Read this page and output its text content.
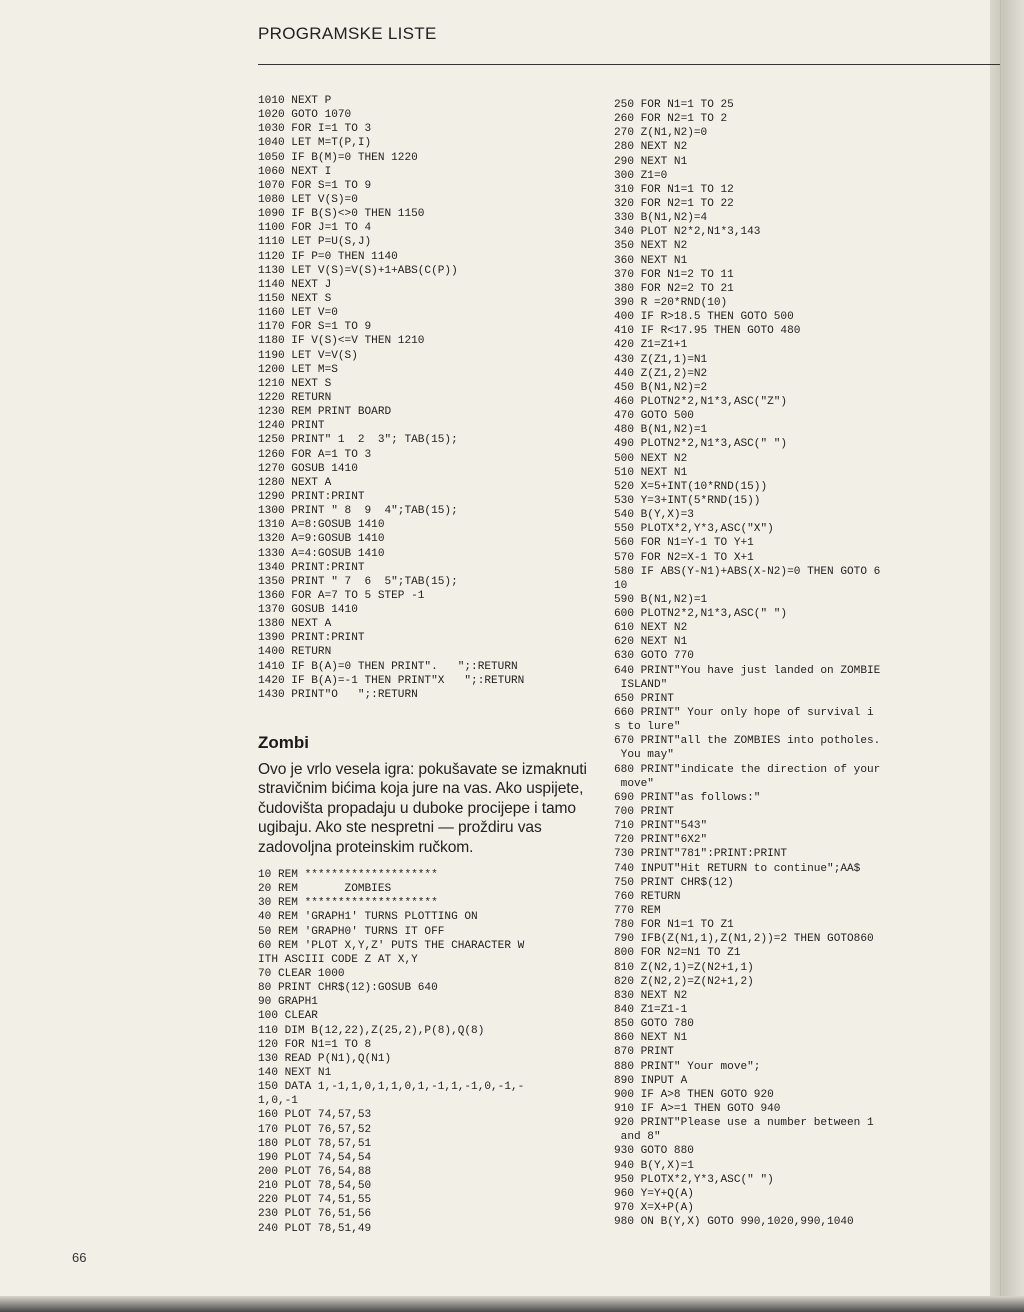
PROGRAMSKE LISTE
1010 NEXT P
1020 GOTO 1070
1030 FOR I=1 TO 3
1040 LET M=T(P,I)
1050 IF B(M)=0 THEN 1220
1060 NEXT I
1070 FOR S=1 TO 9
1080 LET V(S)=0
1090 IF B(S)<>0 THEN 1150
1100 FOR J=1 TO 4
1110 LET P=U(S,J)
1120 IF P=0 THEN 1140
1130 LET V(S)=V(S)+1+ABS(C(P))
1140 NEXT J
1150 NEXT S
1160 LET V=0
1170 FOR S=1 TO 9
1180 IF V(S)<=V THEN 1210
1190 LET V=V(S)
1200 LET M=S
1210 NEXT S
1220 RETURN
1230 REM PRINT BOARD
1240 PRINT
1250 PRINT" 1  2  3"; TAB(15);
1260 FOR A=1 TO 3
1270 GOSUB 1410
1280 NEXT A
1290 PRINT:PRINT
1300 PRINT " 8  9  4";TAB(15);
1310 A=8:GOSUB 1410
1320 A=9:GOSUB 1410
1330 A=4:GOSUB 1410
1340 PRINT:PRINT
1350 PRINT " 7  6  5";TAB(15);
1360 FOR A=7 TO 5 STEP -1
1370 GOSUB 1410
1380 NEXT A
1390 PRINT:PRINT
1400 RETURN
1410 IF B(A)=0 THEN PRINT".   ";:RETURN
1420 IF B(A)=-1 THEN PRINT"X   ";:RETURN
1430 PRINT"O   ";:RETURN
Zombi
Ovo je vrlo vesela igra: pokušavate se izmaknuti stravičnim bićima koja jure na vas. Ako uspijete, čudovišta propadaju u duboke procijepe i tamo ugibaju. Ako ste nespretni — proždiru vas zadovoljna proteinskim ručkom.
10 REM ********************
20 REM       ZOMBIES
30 REM ********************
40 REM 'GRAPH1' TURNS PLOTTING ON
50 REM 'GRAPH0' TURNS IT OFF
60 REM 'PLOT X,Y,Z' PUTS THE CHARACTER W
ITH ASCIII CODE Z AT X,Y
70 CLEAR 1000
80 PRINT CHR$(12):GOSUB 640
90 GRAPH1
100 CLEAR
110 DIM B(12,22),Z(25,2),P(8),Q(8)
120 FOR N1=1 TO 8
130 READ P(N1),Q(N1)
140 NEXT N1
150 DATA 1,-1,1,0,1,1,0,1,-1,1,-1,0,-1,-
1,0,-1
160 PLOT 74,57,53
170 PLOT 76,57,52
180 PLOT 78,57,51
190 PLOT 74,54,54
200 PLOT 76,54,88
210 PLOT 78,54,50
220 PLOT 74,51,55
230 PLOT 76,51,56
240 PLOT 78,51,49
250 FOR N1=1 TO 25
260 FOR N2=1 TO 2
270 Z(N1,N2)=0
280 NEXT N2
290 NEXT N1
300 Z1=0
310 FOR N1=1 TO 12
320 FOR N2=1 TO 22
330 B(N1,N2)=4
340 PLOT N2*2,N1*3,143
350 NEXT N2
360 NEXT N1
370 FOR N1=2 TO 11
380 FOR N2=2 TO 21
390 R =20*RND(10)
400 IF R>18.5 THEN GOTO 500
410 IF R<17.95 THEN GOTO 480
420 Z1=Z1+1
430 Z(Z1,1)=N1
440 Z(Z1,2)=N2
450 B(N1,N2)=2
460 PLOTN2*2,N1*3,ASC("Z")
470 GOTO 500
480 B(N1,N2)=1
490 PLOTN2*2,N1*3,ASC(" ")
500 NEXT N2
510 NEXT N1
520 X=5+INT(10*RND(15))
530 Y=3+INT(5*RND(15))
540 B(Y,X)=3
550 PLOTX*2,Y*3,ASC("X")
560 FOR N1=Y-1 TO Y+1
570 FOR N2=X-1 TO X+1
580 IF ABS(Y-N1)+ABS(X-N2)=0 THEN GOTO 6
10
590 B(N1,N2)=1
600 PLOTN2*2,N1*3,ASC(" ")
610 NEXT N2
620 NEXT N1
630 GOTO 770
640 PRINT"You have just landed on ZOMBIE
ISLAND"
650 PRINT
660 PRINT" Your only hope of survival i
s to lure"
670 PRINT"all the ZOMBIES into potholes.
You may"
680 PRINT"indicate the direction of your
move"
690 PRINT"as follows:"
700 PRINT
710 PRINT"543"
720 PRINT"6X2"
730 PRINT"781":PRINT:PRINT
740 INPUT"Hit RETURN to continue";AA$
750 PRINT CHR$(12)
760 RETURN
770 REM
780 FOR N1=1 TO Z1
790 IFB(Z(N1,1),Z(N1,2))=2 THEN GOTO860
800 FOR N2=N1 TO Z1
810 Z(N2,1)=Z(N2+1,1)
820 Z(N2,2)=Z(N2+1,2)
830 NEXT N2
840 Z1=Z1-1
850 GOTO 780
860 NEXT N1
870 PRINT
880 PRINT" Your move";
890 INPUT A
900 IF A>8 THEN GOTO 920
910 IF A>=1 THEN GOTO 940
920 PRINT"Please use a number between 1
and 8"
930 GOTO 880
940 B(Y,X)=1
950 PLOTX*2,Y*3,ASC(" ")
960 Y=Y+Q(A)
970 X=X+P(A)
980 ON B(Y,X) GOTO 990,1020,990,1040
66
